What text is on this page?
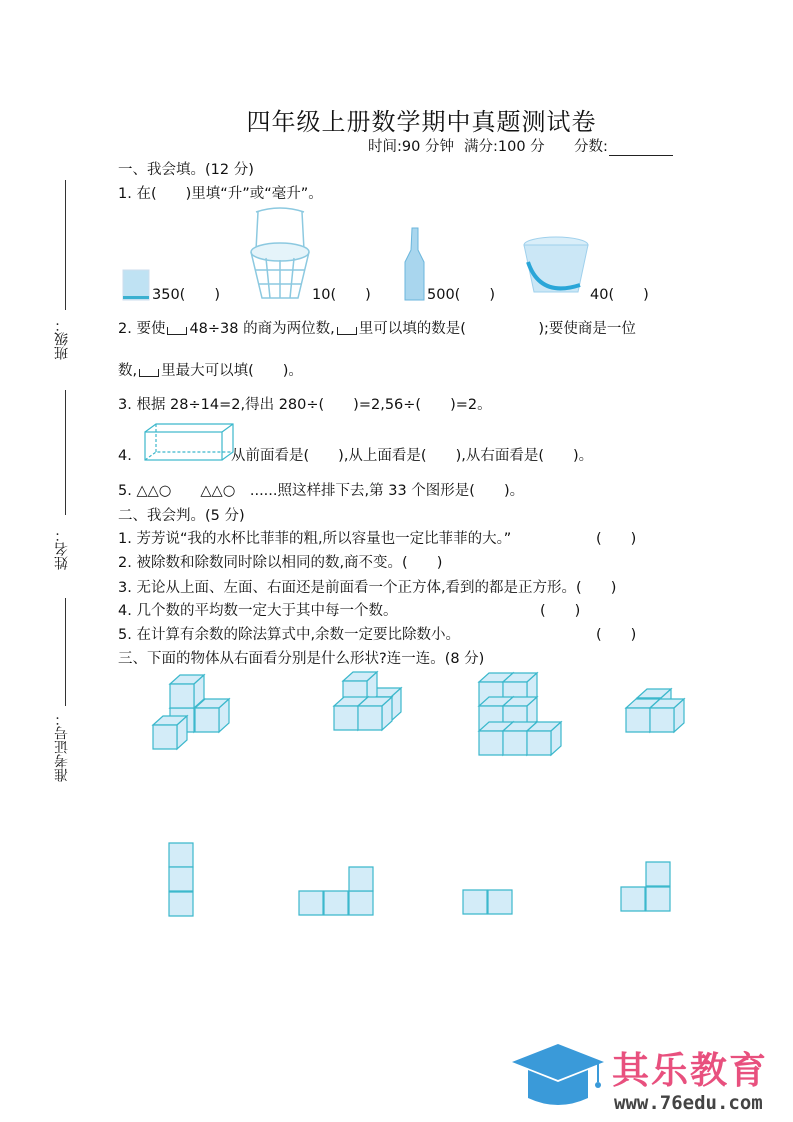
四年级上册数学期中真题测试卷
时间:90 分钟 满分:100 分 分数:
班级：
姓名：
准考证号：
一、我会填。(12 分)
1. 在(　　)里填“升”或“毫升”。
350(　　)	10(　　)	500(　　)	40(　　)
2. 要使 48÷38 的商为两位数, 里可以填的数是(　　　　　);要使商是一位
数, 里最大可以填(　　)。
3. 根据 28÷14=2,得出 280÷(　　)=2,56÷(　　)=2。
4.	从前面看是(　　),从上面看是(　　),从右面看是(　　)。
5. △△○　　△△○　......照这样排下去,第 33 个图形是(　　)。
二、我会判。(5 分)
1. 芳芳说“我的水杯比菲菲的粗,所以容量也一定比菲菲的大。”	(　　)
2. 被除数和除数同时除以相同的数,商不变。(　　)
3. 无论从上面、左面、右面还是前面看一个正方体,看到的都是正方形。(　　)
4. 几个数的平均数一定大于其中每一个数。	(　　)
5. 在计算有余数的除法算式中,余数一定要比除数小。	(　　)
三、下面的物体从右面看分别是什么形状?连一连。(8 分)
其乐教育
www.76edu.com
